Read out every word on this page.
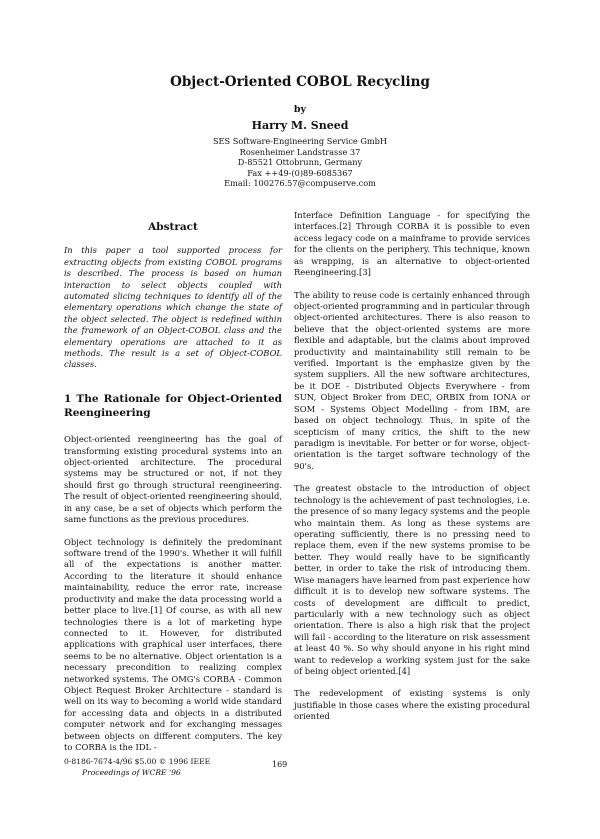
Object-Oriented COBOL Recycling
by
Harry M. Sneed
SES Software-Engineering Service GmbH
Rosenheimer Landstrasse 37
D-85521 Ottobrunn, Germany
Fax ++49-(0)89-6085367
Email: 100276.57@compuserve.com
Abstract

In this paper a tool supported process for extracting objects from existing COBOL programs is described. The process is based on human interaction to select objects coupled with automated slicing techniques to identify all of the elementary operations which change the state of the object selected. The object is redefined within the framework of an Object-COBOL class and the elementary operations are attached to it as methods. The result is a set of Object-COBOL classes.

1 The Rationale for Object-Oriented
Reengineering

Object-oriented reengineering has the goal of transforming existing procedural systems into an object-oriented architecture. The procedural systems may be structured or not, if not they should first go through structural reengineering. The result of object-oriented reengineering should, in any case, be a set of objects which perform the same functions as the previous procedures.

Object technology is definitely the predominant software trend of the 1990's. Whether it will fulfill all of the expectations is another matter. According to the literature it should enhance maintainability, reduce the error rate, increase productivity and make the data processing world a better place to live.[1] Of course, as with all new technologies there is a lot of marketing hype connected to it. However, for distributed applications with graphical user interfaces, there seems to be no alternative. Object orientation is a necessary precondition to realizing complex networked systems. The OMG's CORBA - Common Object Request Broker Architecture - standard is well on its way to becoming a world wide standard for accessing data and objects in a distributed computer network and for exchanging messages between objects on different computers. The key to CORBA is the IDL -

Interface Definition Language - for specifying the interfaces.[2] Through CORBA it is possible to even access legacy code on a mainframe to provide services for the clients on the periphery. This technique, known as wrapping, is an alternative to object-oriented Reengineering.[3]

The ability to reuse code is certainly enhanced through object-oriented programming and in particular through object-oriented architectures. There is also reason to believe that the object-oriented systems are more flexible and adaptable, but the claims about improved productivity and maintainability still remain to be verified. Important is the emphasize given by the system suppliers. All the new software architectures, be it DOE - Distributed Objects Everywhere - from SUN, Object Broker from DEC, ORBIX from IONA or SOM - Systems Object Modelling - from IBM, are based on object technology. Thus, in spite of the scepticism of many critics, the shift to the new paradigm is inevitable. For better or for worse, object-orientation is the target software technology of the 90's.

The greatest obstacle to the introduction of object technology is the achievement of past technologies, i.e. the presence of so many legacy systems and the people who maintain them. As long as these systems are operating sufficiently, there is no pressing need to replace them, even if the new systems promise to be better. They would really have to be significantly better, in order to take the risk of introducing them. Wise managers have learned from past experience how difficult it is to develop new software systems. The costs of development are difficult to predict, particularly with a new technology such as object orientation. There is also a high risk that the project will fail - according to the literature on risk assessment at least 40 %. So why should anyone in his right mind want to redevelop a working system just for the sake of being object oriented.[4]

The redevelopment of existing systems is only justifiable in those cases where the existing procedural oriented

0-8186-7674-4/96 $5.00 © 1996 IEEE
Proceedings of WCRE '96
169
